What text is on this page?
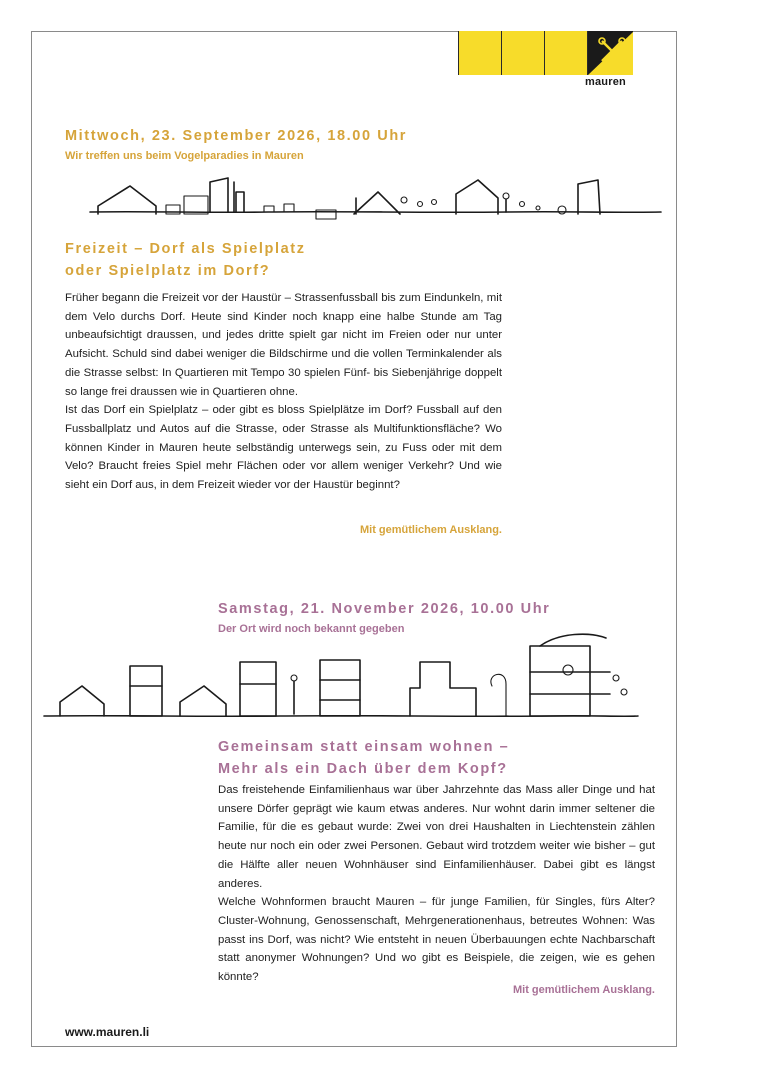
mauren
Mittwoch, 23. September 2026, 18.00 Uhr
Wir treffen uns beim Vogelparadies in Mauren
Freizeit – Dorf als Spielplatz
oder Spielplatz im Dorf?

Früher begann die Freizeit vor der Haustür – Strassenfussball bis zum Eindunkeln, mit dem Velo durchs Dorf. Heute sind Kinder noch knapp eine halbe Stunde am Tag unbeaufsichtigt draussen, und jedes dritte spielt gar nicht im Freien oder nur unter Aufsicht. Schuld sind dabei weniger die Bildschirme und die vollen Terminkalender als die Strasse selbst: In Quartieren mit Tempo 30 spielen Fünf- bis Siebenjährige doppelt so lange frei draussen wie in Quartieren ohne.

Ist das Dorf ein Spielplatz – oder gibt es bloss Spielplätze im Dorf? Fussball auf den Fussballplatz und Autos auf die Strasse, oder Strasse als Multifunktionsfläche? Wo können Kinder in Mauren heute selbständig unterwegs sein, zu Fuss oder mit dem Velo? Braucht freies Spiel mehr Flächen oder vor allem weniger Verkehr? Und wie sieht ein Dorf aus, in dem Freizeit wieder vor der Haustür beginnt?

Mit gemütlichem Ausklang.
Samstag, 21. November 2026, 10.00 Uhr
Der Ort wird noch bekannt gegeben
Gemeinsam statt einsam wohnen –
Mehr als ein Dach über dem Kopf?

Das freistehende Einfamilienhaus war über Jahrzehnte das Mass aller Dinge und hat unsere Dörfer geprägt wie kaum etwas anderes. Nur wohnt darin immer seltener die Familie, für die es gebaut wurde: Zwei von drei Haushalten in Liechtenstein zählen heute nur noch ein oder zwei Personen. Gebaut wird trotzdem weiter wie bisher – gut die Hälfte aller neuen Wohnhäuser sind Einfamilienhäuser. Dabei gibt es längst anderes.

Welche Wohnformen braucht Mauren – für junge Familien, für Singles, fürs Alter? Cluster-Wohnung, Genossenschaft, Mehrgenerationenhaus, betreutes Wohnen: Was passt ins Dorf, was nicht? Wie entsteht in neuen Überbauungen echte Nachbarschaft statt anonymer Wohnungen? Und wo gibt es Beispiele, die zeigen, wie es gehen könnte?

Mit gemütlichem Ausklang.
www.mauren.li
